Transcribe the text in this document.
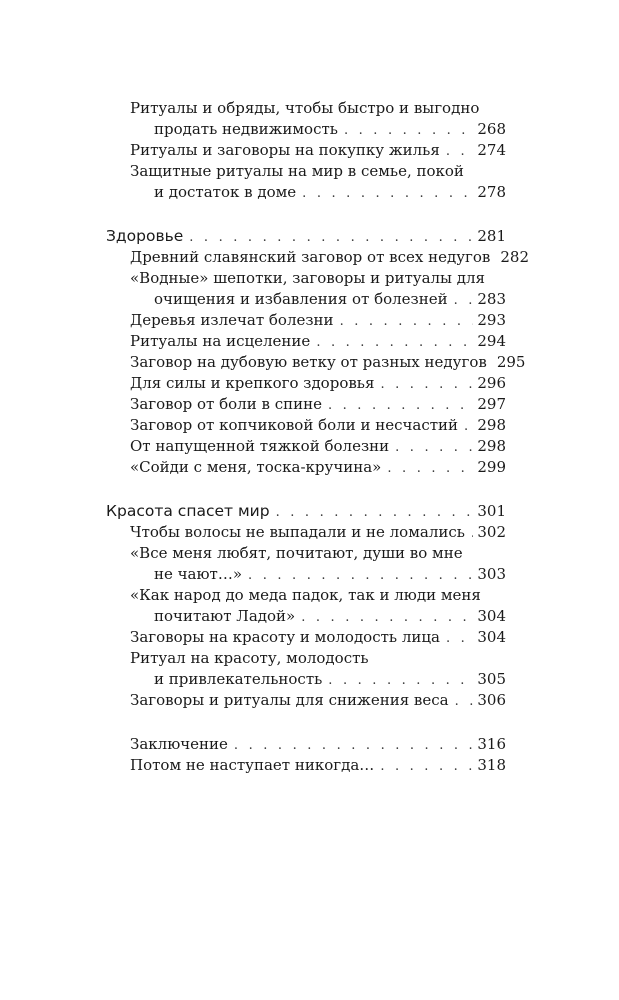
Ритуалы и обряды, чтобы быстро и выгодно
продать недвижимость . . .	268
Ритуалы и заговоры на покупку жилья . . .	274
Защитные ритуалы на мир в семье, покой
и достаток в доме . . .	278
Здоровье . . .	281
Древний славянский заговор от всех недугов 282
«Водные» шепотки, заговоры и ритуалы для
очищения и избавления от болезней . . . 283
Деревья излечат болезни . . .	293
Ритуалы на исцеление . . .	294
Заговор на дубовую ветку от разных недугов 295
Для силы и крепкого здоровья . . .	296
Заговор от боли в спине . . .	297
Заговор от копчиковой боли и несчастий . . . 298
От напущенной тяжкой болезни . . .	298
«Сойди с меня, тоска-кручина» . . .	299
Красота спасет мир . . .	301
Чтобы волосы не выпадали и не ломались . . . 302
«Все меня любят, почитают, души во мне
не чают…» . . .	303
«Как народ до меда падок, так и люди меня
почитают Ладой» . . .	304
Заговоры на красоту и молодость лица . . . 304
Ритуал на красоту, молодость
и привлекательность . . .	305
Заговоры и ритуалы для снижения веса . . . 306
Заключение . . .	316
Потом не наступает никогда… . . .	318
